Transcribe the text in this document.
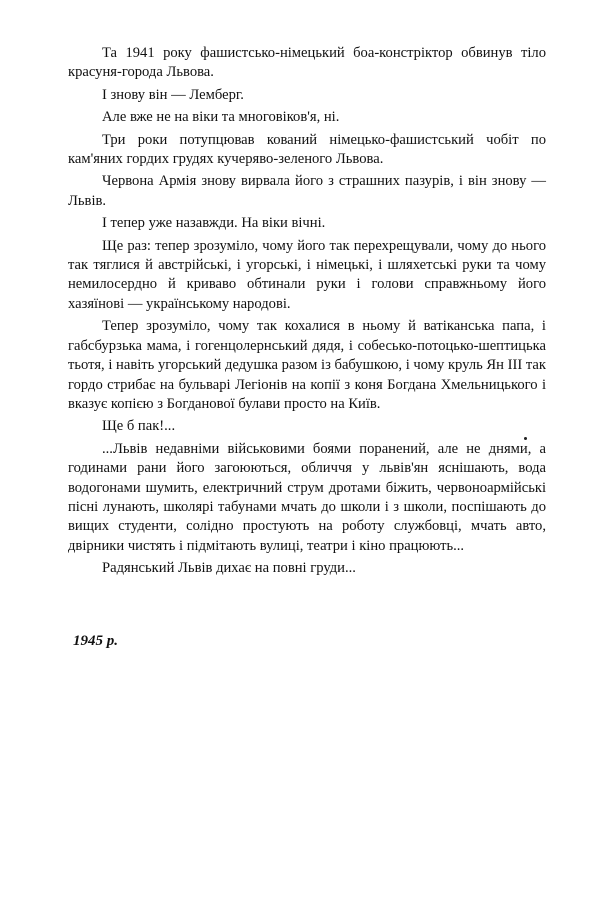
Та 1941 року фашистсько-німецький боа-констріктор обвинув тіло красуня-города Львова.

І знову він — Лемберг.

Але вже не на віки та многовіков'я, ні.

Три роки потупцював кований німецько-фашистський чобіт по кам'яних гордих грудях кучеряво-зеленого Львова.

Червона Армія знову вирвала його з страшних пазурів, і він знову — Львів.

І тепер уже назавжди. На віки вічні.

Ще раз: тепер зрозуміло, чому його так перехрещували, чому до нього так тяглися й австрійські, і угорські, і німецькі, і шляхетські руки та чому немилосердно й криваво обтинали руки і голови справжньому його хазяїнові — українському народові.

Тепер зрозуміло, чому так кохалися в ньому й ватіканська папа, і габсбурзька мама, і гогенцолернський дядя, і собесько-потоцько-шептицька тьотя, і навіть угорський дедушка разом із бабушкою, і чому круль Ян III так гордо стрибає на бульварі Легіонів на копії з коня Богдана Хмельницького і вказує копією з Богданової булави просто на Київ.

Ще б пак!...

...Львів недавніми військовими боями поранений, але не днями, а годинами рани його загоюються, обличчя у львів'ян яснішають, вода водогонами шумить, електричний струм дротами біжить, червоноармійські пісні лунають, школярі табунами мчать до школи і з школи, поспішають до вищих студенти, солідно простують на роботу службовці, мчать авто, двірники чистять і підмітають вулиці, театри і кіно працюють...

Радянський Львів дихає на повні груди...

1945 р.
